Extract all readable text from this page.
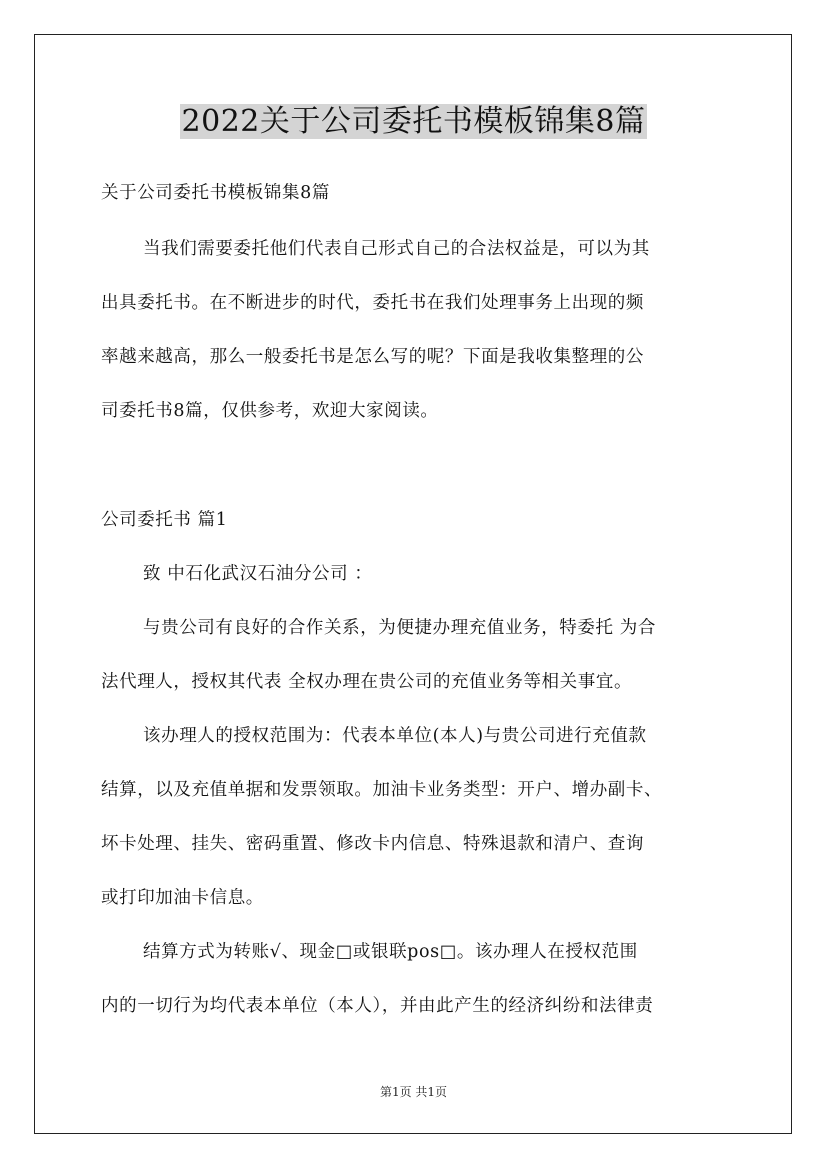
2022关于公司委托书模板锦集8篇
关于公司委托书模板锦集8篇
当我们需要委托他们代表自己形式自己的合法权益是，可以为其
出具委托书。在不断进步的时代，委托书在我们处理事务上出现的频
率越来越高，那么一般委托书是怎么写的呢？下面是我收集整理的公
司委托书8篇，仅供参考，欢迎大家阅读。
公司委托书 篇1
致 中石化武汉石油分公司 ：
与贵公司有良好的合作关系，为便捷办理充值业务，特委托 为合
法代理人，授权其代表 全权办理在贵公司的充值业务等相关事宜。
该办理人的授权范围为：代表本单位(本人)与贵公司进行充值款
结算，以及充值单据和发票领取。加油卡业务类型：开户、增办副卡、
坏卡处理、挂失、密码重置、修改卡内信息、特殊退款和清户、查询
或打印加油卡信息。
结算方式为转账√、现金□或银联pos□。该办理人在授权范围
内的一切行为均代表本单位（本人），并由此产生的经济纠纷和法律责
第1页 共1页
